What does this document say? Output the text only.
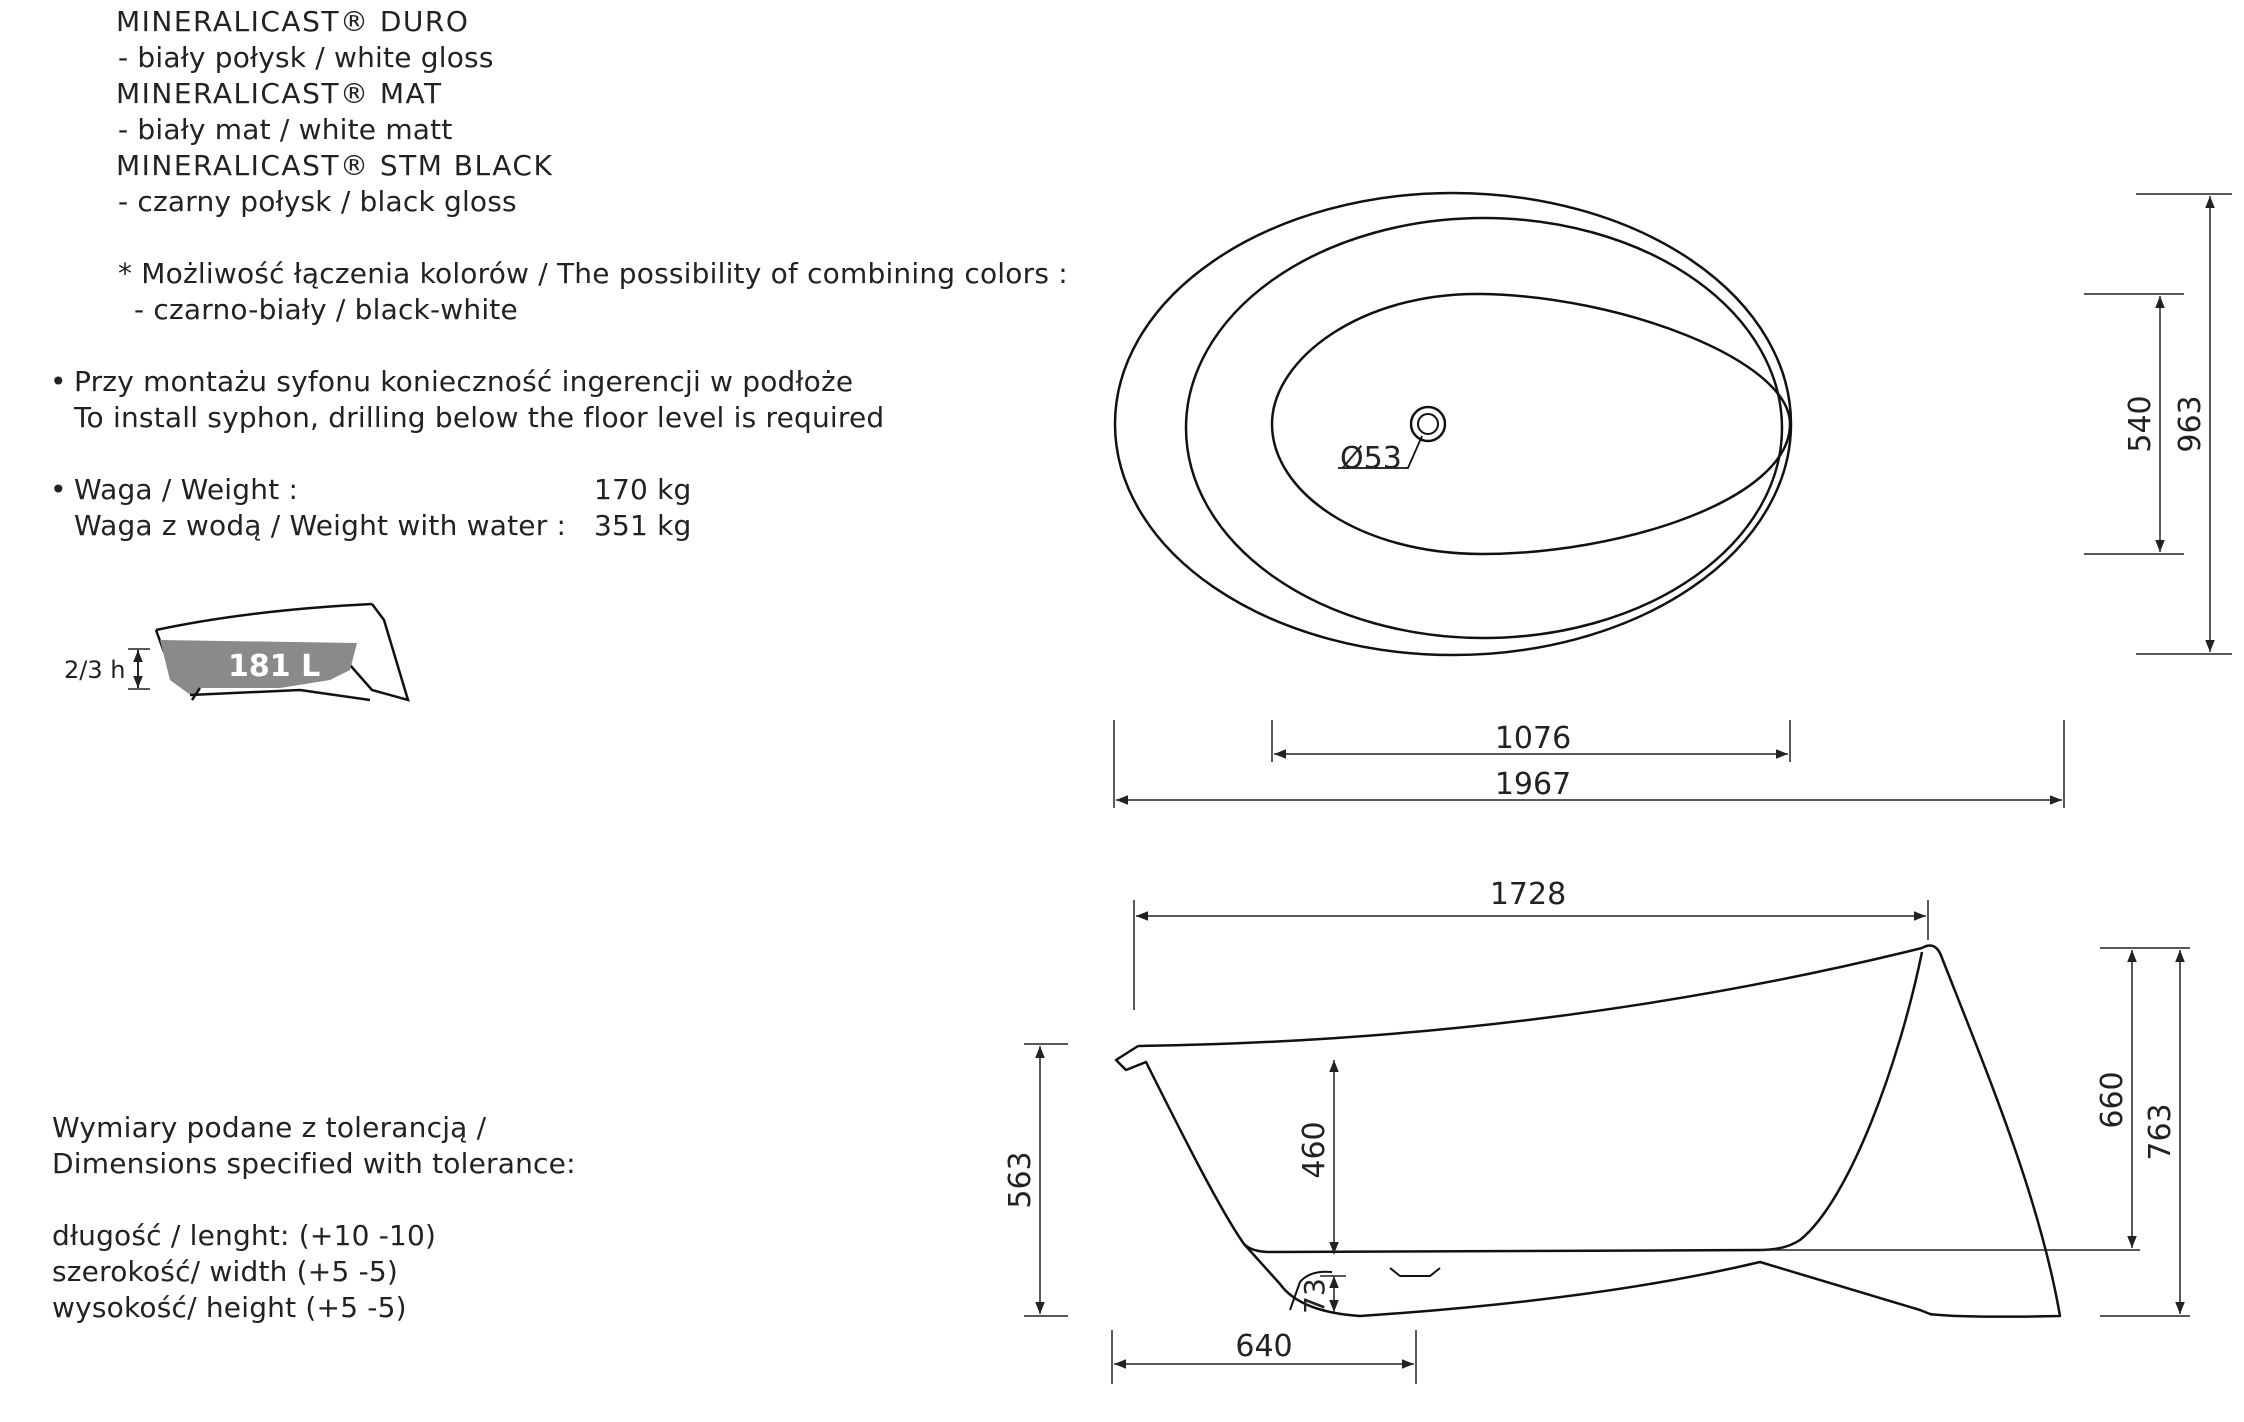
MINERALICAST® DURO
- biały połysk / white gloss
MINERALICAST® MAT
- biały mat / white matt
MINERALICAST® STM BLACK
- czarny połysk / black gloss
* Możliwość łączenia kolorów / The possibility of combining colors :
- czarno-biały / black-white
• Przy montażu syfonu konieczność ingerencji w podłoże
To install syphon, drilling below the floor level is required
• Waga / Weight :	170 kg
Waga z wodą / Weight with water : 351 kg
Wymiary podane z tolerancją /
Dimensions specified with tolerance:
długość / lenght: (+10 -10)
szerokość/ width (+5 -5)
wysokość/ height (+5 -5)
181 L
2/3 h
Ø53
540 963
1076
1967
1728
563
460
73
640
660
763
